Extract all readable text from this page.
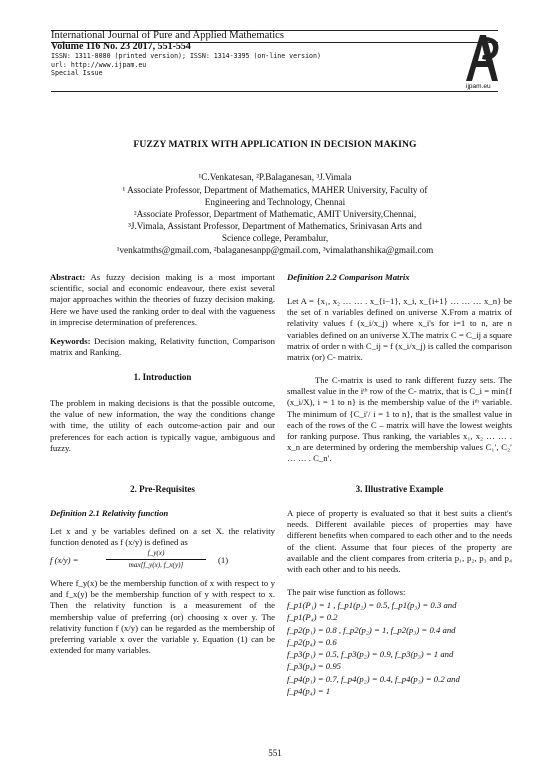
International Journal of Pure and Applied Mathematics
Volume 116 No. 23 2017, 551-554
ISSN: 1311-8080 (printed version); ISSN: 1314-3395 (on-line version)
url: http://www.ijpam.eu
Special Issue
ijpam.eu
FUZZY MATRIX WITH APPLICATION IN DECISION MAKING
¹C.Venkatesan, ²P.Balaganesan, ³J.Vimala
¹ Associate Professor, Department of Mathematics, MAHER University, Faculty of
Engineering and Technology, Chennai
²Associate Professor, Department of Mathematic, AMIT University,Chennai,
³J.Vimala, Assistant Professor, Department of Mathematics, Srinivasan Arts and
Science college, Perambalur,
¹venkatmths@gmail.com, ²balaganesanpp@gmail.com, ³vimalathanshika@gmail.com
Abstract: As fuzzy decision making is a most important scientific, social and economic endeavour, there exist several major approaches within the theories of fuzzy decision making. Here we have used the ranking order to deal with the vagueness in imprecise determination of preferences.
Keywords: Decision making, Relativity function, Comparison matrix and Ranking.
1. Introduction
The problem in making decisions is that the possible outcome, the value of new information, the way the conditions change with time, the utility of each outcome-action pair and our preferences for each action is typically vague, ambiguous and fuzzy.
2. Pre-Requisites
Definition 2.1 Relativity function
Let x and y be variables defined on a set X. the relativity function denoted as f (x/y) is defined as
f (x/y) =
f_y(x)
max[f_y(x), f_x(y)]	(1)
Where f_y(x) be the membership function of x with respect to y and f_x(y) be the membership function of y with respect to x. Then the relativity function is a measurement of the membership value of preferring (or) choosing x over y. The relativity function f (x/y) can be regarded as the membership of preferring variable x over the variable y. Equation (1) can be extended for many variables.
Definition 2.2 Comparison Matrix
Let A = {x₁, x₂ … … . x_{i−1}, x_i, x_{i+1} … … … x_n} be the set of n variables defined on universe X.From a matrix of relativity values f (x_i/x_j) where x_i's for i=1 to n, are n variables defined on an universe X.The matrix C = C_ij a square matrix of order n with C_ij = f (x_i/x_j) is called the comparison matrix (or) C- matrix.
The C-matrix is used to rank different fuzzy sets. The smallest value in the iᵗʰ row of the C- matrix, that is C_i = min{f (x_i/X), i = 1 to n} is the membership value of the iᵗʰ variable. The minimum of {C_i′/ i = 1 to n}, that is the smallest value in each of the rows of the C – matrix will have the lowest weights for ranking purpose. Thus ranking, the variables x₁, x₂ … … . x_n are determined by ordering the membership values C₁′, C₂′ … … . C_n′.
3. Illustrative Example
A piece of property is evaluated so that it best suits a client's needs. Different available pieces of properties may have different benefits when compared to each other and to the needs of the client. Assume that four pieces of the property are available and the client compares from criteria p₁, p₂, p₃ and p₄ with each other and to his needs.
The pair wise function as follows:
f_p1(P₁) = 1 , f_p1(p₂) = 0.5, f_p1(p₃) = 0.3 and
f_p1(P₄) = 0.2
f_p2(p₁) = 0.8 , f_p2(p₂) = 1, f_p2(p₃) = 0.4 and
f_p2(p₄) = 0.6
f_p3(p₁) = 0.5, f_p3(p₂) = 0.9, f_p3(p₃) = 1 and
f_p3(p₄) = 0.95
f_p4(p₁) = 0.7, f_p4(p₂) = 0.4, f_p4(p₃) = 0.2 and
f_p4(p₄) = 1
551
